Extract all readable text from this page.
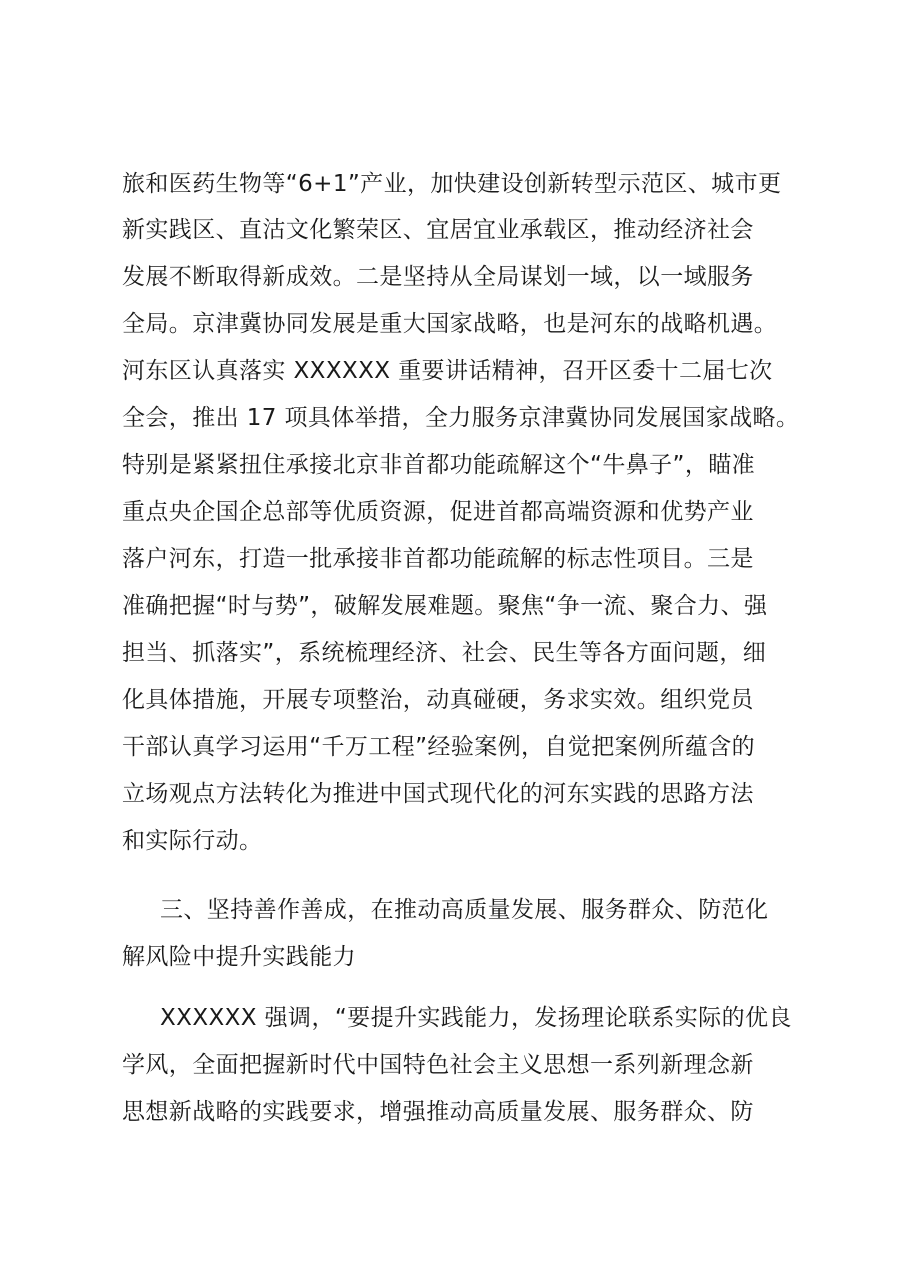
旅和医药生物等“6+1”产业，加快建设创新转型示范区、城市更
新实践区、直沽文化繁荣区、宜居宜业承载区，推动经济社会
发展不断取得新成效。二是坚持从全局谋划一域，以一域服务
全局。京津冀协同发展是重大国家战略，也是河东的战略机遇。
河东区认真落实 XXXXXX 重要讲话精神，召开区委十二届七次
全会，推出 17 项具体举措，全力服务京津冀协同发展国家战略。
特别是紧紧扭住承接北京非首都功能疏解这个“牛鼻子”，瞄准
重点央企国企总部等优质资源，促进首都高端资源和优势产业
落户河东，打造一批承接非首都功能疏解的标志性项目。三是
准确把握“时与势”，破解发展难题。聚焦“争一流、聚合力、强
担当、抓落实”，系统梳理经济、社会、民生等各方面问题，细
化具体措施，开展专项整治，动真碰硬，务求实效。组织党员
干部认真学习运用“千万工程”经验案例，自觉把案例所蕴含的
立场观点方法转化为推进中国式现代化的河东实践的思路方法
和实际行动。
三、坚持善作善成，在推动高质量发展、服务群众、防范化
解风险中提升实践能力
XXXXXX 强调，“要提升实践能力，发扬理论联系实际的优良
学风，全面把握新时代中国特色社会主义思想一系列新理念新
思想新战略的实践要求，增强推动高质量发展、服务群众、防
